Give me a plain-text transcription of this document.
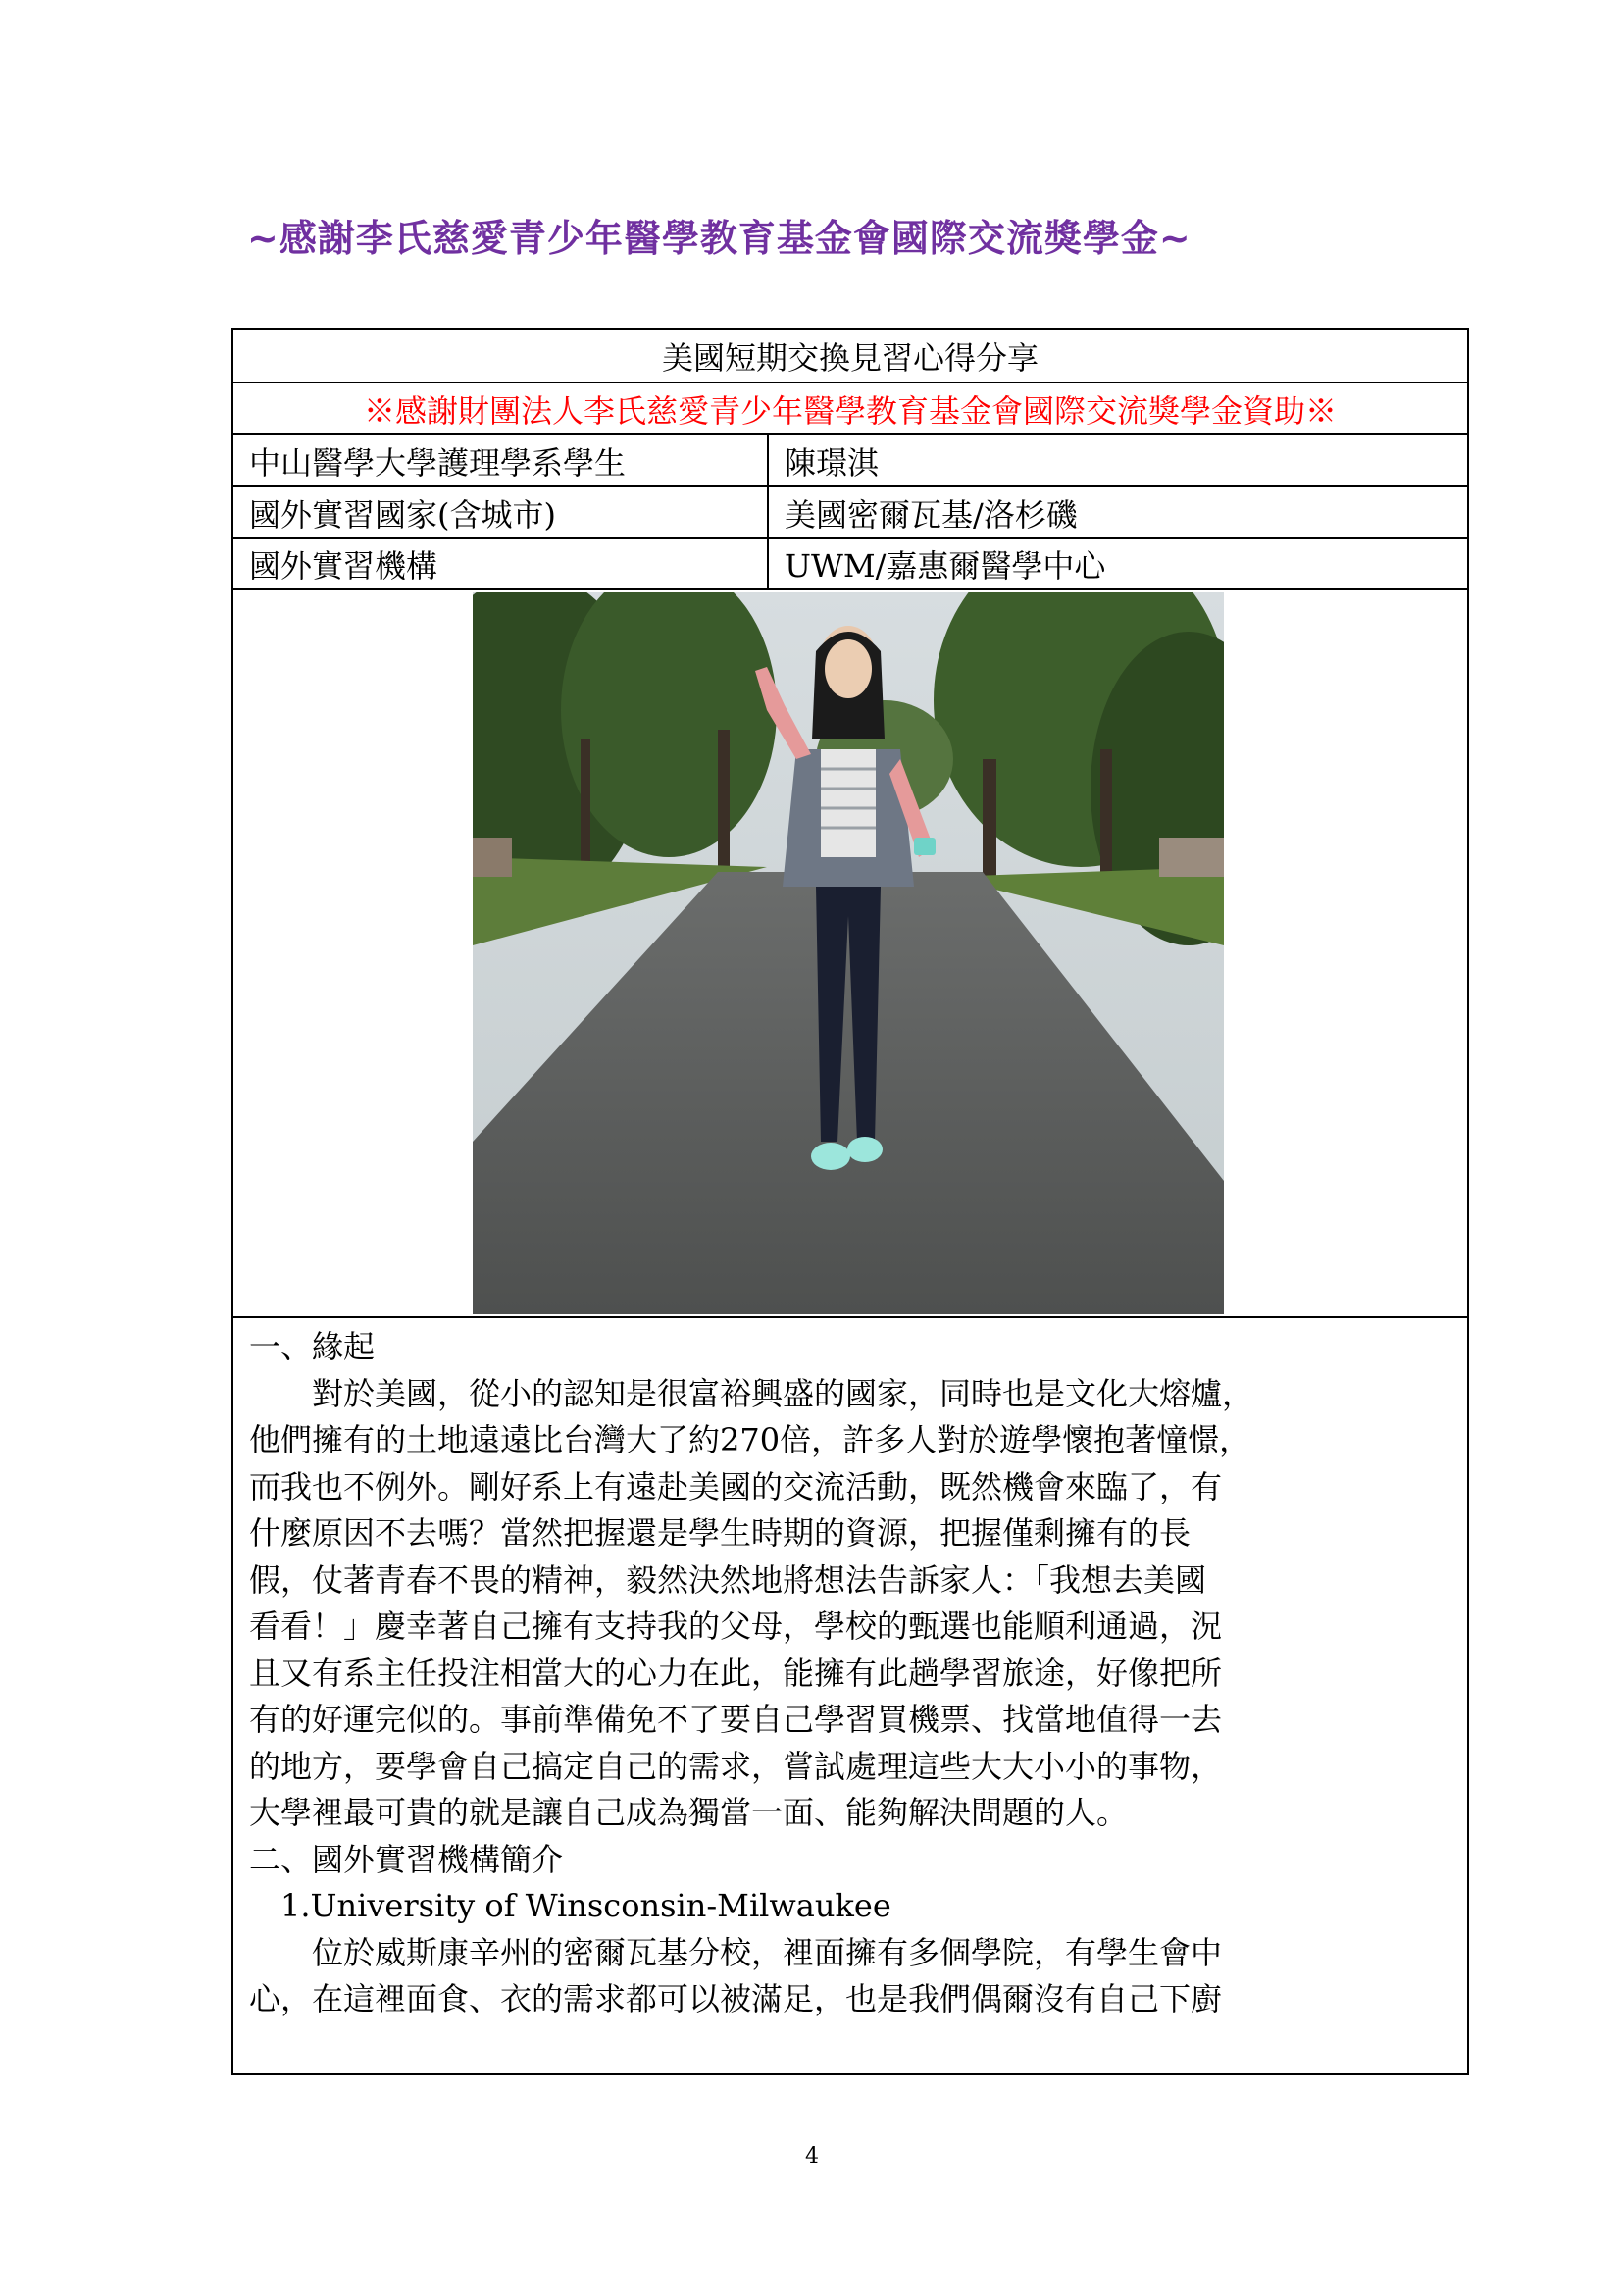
~感謝李氏慈愛青少年醫學教育基金會國際交流獎學金~
美國短期交換見習心得分享
※感謝財團法人李氏慈愛青少年醫學教育基金會國際交流獎學金資助※
中山醫學大學護理學系學生	陳璟淇
國外實習國家(含城市)	美國密爾瓦基/洛杉磯
國外實習機構	UWM/嘉惠爾醫學中心

一、緣起

對於美國，從小的認知是很富裕興盛的國家，同時也是文化大熔爐，

他們擁有的土地遠遠比台灣大了約270倍，許多人對於遊學懷抱著憧憬，

而我也不例外。剛好系上有遠赴美國的交流活動，既然機會來臨了，有

什麼原因不去嗎？當然把握還是學生時期的資源，把握僅剩擁有的長

假，仗著青春不畏的精神，毅然決然地將想法告訴家人：「我想去美國

看看！」慶幸著自己擁有支持我的父母，學校的甄選也能順利通過，況

且又有系主任投注相當大的心力在此，能擁有此趟學習旅途，好像把所

有的好運完似的。事前準備免不了要自己學習買機票、找當地值得一去

的地方，要學會自己搞定自己的需求，嘗試處理這些大大小小的事物，

大學裡最可貴的就是讓自己成為獨當一面、能夠解決問題的人。

二、國外實習機構簡介

1.University of Winsconsin-Milwaukee

位於威斯康辛州的密爾瓦基分校，裡面擁有多個學院，有學生會中

心，在這裡面食、衣的需求都可以被滿足，也是我們偶爾沒有自己下廚

4
